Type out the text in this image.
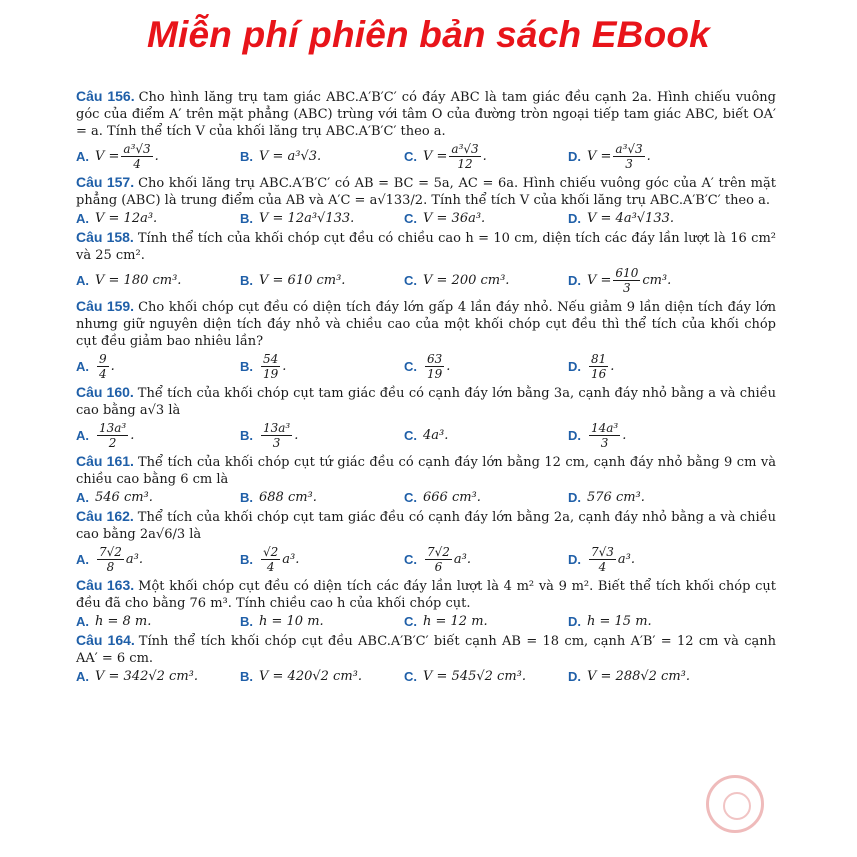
Miễn phí phiên bản sách EBook
Câu 156. Cho hình lăng trụ tam giác ABC.A′B′C′ có đáy ABC là tam giác đều cạnh 2a. Hình chiếu vuông góc của điểm A′ trên mặt phẳng (ABC) trùng với tâm O của đường tròn ngoại tiếp tam giác ABC, biết OA′ = a. Tính thể tích V của khối lăng trụ ABC.A′B′C′ theo a.
A. $V = \frac{\text{a³√3}}{4}$ .	B. V = a³√3.	C. $V = \frac{\text{a³√3}}{12}$ .	D. $V = \frac{\text{a³√3}}{3}$ .
Câu 157. Cho khối lăng trụ ABC.A′B′C′ có AB = BC = 5a, AC = 6a. Hình chiếu vuông góc của A′ trên mặt phẳng (ABC) là trung điểm của AB và A′C = a√133/2. Tính thể tích V của khối lăng trụ ABC.A′B′C′ theo a.
A. V = 12a³.	B. V = 12a³√133.	C. V = 36a³.	D. V = 4a³√133.
Câu 158. Tính thể tích của khối chóp cụt đều có chiều cao h = 10 cm, diện tích các đáy lần lượt là 16 cm² và 25 cm².
A. V = 180 cm³.	B. V = 610 cm³.	C. V = 200 cm³.	D. $V = \frac{610}{3} cm^3$.
Câu 159. Cho khối chóp cụt đều có diện tích đáy lớn gấp 4 lần đáy nhỏ. Nếu giảm 9 lần diện tích đáy lớn nhưng giữ nguyên diện tích đáy nhỏ và chiều cao của một khối chóp cụt đều thì thể tích của khối chóp cụt đều giảm bao nhiêu lần?
A. $\frac{9}{4}$ .	B. $\frac{54}{19}$ .	C. $\frac{63}{19}$ .	D. $\frac{81}{16}$ .
Câu 160. Thể tích của khối chóp cụt tam giác đều có cạnh đáy lớn bằng 3a, cạnh đáy nhỏ bằng a và chiều cao bằng a√3 là
A. $\frac{\text{13a³}}{2}$ .	B. $\frac{\text{13a³}}{3}$ .	C. 4a³.	D. $\frac{\text{14a³}}{3}$ .
Câu 161. Thể tích của khối chóp cụt tứ giác đều có cạnh đáy lớn bằng 12 cm, cạnh đáy nhỏ bằng 9 cm và chiều cao bằng 6 cm là
A. 546 cm³.	B. 688 cm³.	C. 666 cm³.	D. 576 cm³.
Câu 162. Thể tích của khối chóp cụt tam giác đều có cạnh đáy lớn bằng 2a, cạnh đáy nhỏ bằng a và chiều cao bằng 2a√6/3 là
A. $\frac{7√2}{8} a^3$.	B. $\frac{√2}{4} a^3$.	C. $\frac{7√2}{6} a^3$.	D. $\frac{7√3}{4} a^3$.
Câu 163. Một khối chóp cụt đều có diện tích các đáy lần lượt là 4 m² và 9 m². Biết thể tích khối chóp cụt đều đã cho bằng 76 m³. Tính chiều cao h của khối chóp cụt.
A. h = 8 m.	B. h = 10 m.	C. h = 12 m.	D. h = 15 m.
Câu 164. Tính thể tích khối chóp cụt đều ABC.A′B′C′ biết cạnh AB = 18 cm, cạnh A′B′ = 12 cm và cạnh AA′ = 6 cm.
A. V = 342√2 cm³.	B. V = 420√2 cm³.	C. V = 545√2 cm³.	D. V = 288√2 cm³.
